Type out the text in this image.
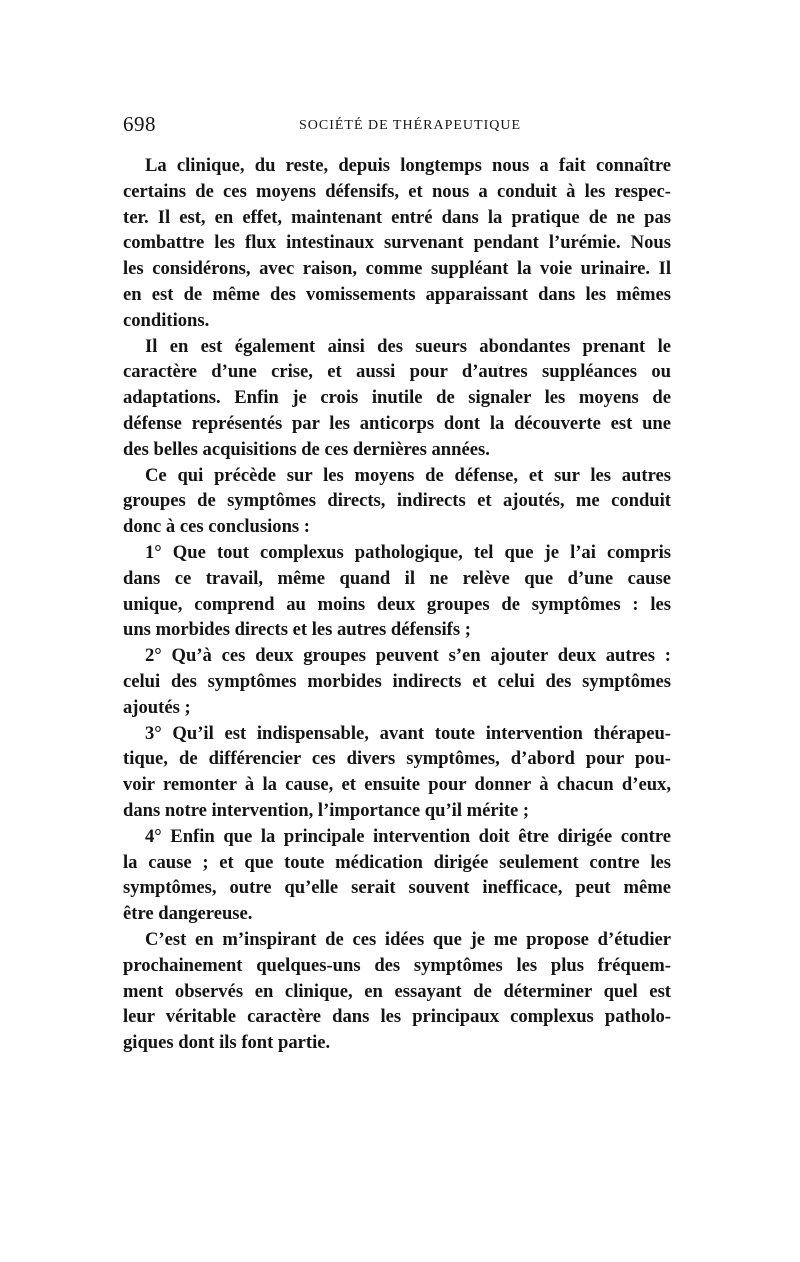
698	SOCIÉTÉ DE THÉRAPEUTIQUE
La clinique, du reste, depuis longtemps nous a fait connaître
certains de ces moyens défensifs, et nous a conduit à les respec-
ter. Il est, en effet, maintenant entré dans la pratique de ne pas
combattre les flux intestinaux survenant pendant l’urémie. Nous
les considérons, avec raison, comme suppléant la voie urinaire. Il
en est de même des vomissements apparaissant dans les mêmes
conditions.
Il en est également ainsi des sueurs abondantes prenant le
caractère d’une crise, et aussi pour d’autres suppléances ou
adaptations. Enfin je crois inutile de signaler les moyens de
défense représentés par les anticorps dont la découverte est une
des belles acquisitions de ces dernières années.
Ce qui précède sur les moyens de défense, et sur les autres
groupes de symptômes directs, indirects et ajoutés, me conduit
donc à ces conclusions :
1° Que tout complexus pathologique, tel que je l’ai compris
dans ce travail, même quand il ne relève que d’une cause
unique, comprend au moins deux groupes de symptômes : les
uns morbides directs et les autres défensifs ;
2° Qu’à ces deux groupes peuvent s’en ajouter deux autres :
celui des symptômes morbides indirects et celui des symptômes
ajoutés ;
3° Qu’il est indispensable, avant toute intervention thérapeu-
tique, de différencier ces divers symptômes, d’abord pour pou-
voir remonter à la cause, et ensuite pour donner à chacun d’eux,
dans notre intervention, l’importance qu’il mérite ;
4° Enfin que la principale intervention doit être dirigée contre
la cause ; et que toute médication dirigée seulement contre les
symptômes, outre qu’elle serait souvent inefficace, peut même
être dangereuse.
C’est en m’inspirant de ces idées que je me propose d’étudier
prochainement quelques-uns des symptômes les plus fréquem-
ment observés en clinique, en essayant de déterminer quel est
leur véritable caractère dans les principaux complexus patholo-
giques dont ils font partie.
